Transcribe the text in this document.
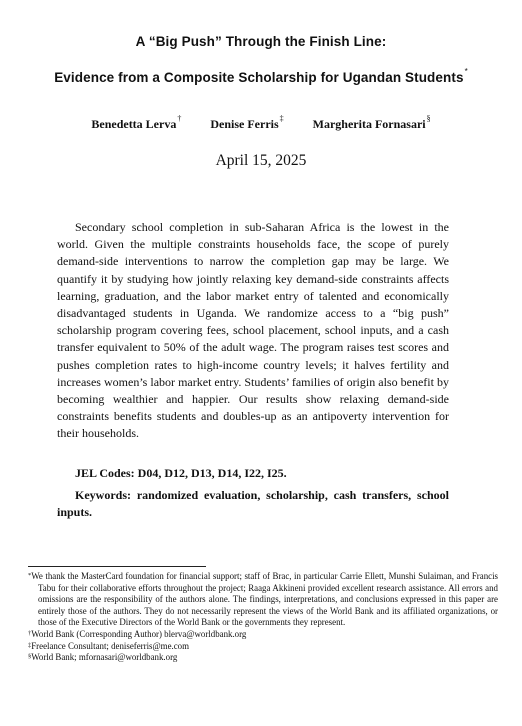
A “Big Push” Through the Finish Line:
Evidence from a Composite Scholarship for Ugandan Students*
Benedetta Lerva† Denise Ferris‡ Margherita Fornasari§
April 15, 2025

Secondary school completion in sub-Saharan Africa is the lowest in the world. Given the multiple constraints households face, the scope of purely demand-side interventions to narrow the completion gap may be large. We quantify it by studying how jointly relaxing key demand-side constraints affects learning, graduation, and the labor market entry of talented and economically disadvantaged students in Uganda. We randomize access to a “big push” scholarship program covering fees, school placement, school inputs, and a cash transfer equivalent to 50% of the adult wage. The program raises test scores and pushes completion rates to high-income country levels; it halves fertility and increases women’s labor market entry. Students’ families of origin also benefit by becoming wealthier and happier. Our results show relaxing demand-side constraints benefits students and doubles-up as an antipoverty intervention for their households.

JEL Codes: D04, D12, D13, D14, I22, I25.

Keywords: randomized evaluation, scholarship, cash transfers, school inputs.

*We thank the MasterCard foundation for financial support; staff of Brac, in particular Carrie Ellett, Munshi Sulaiman, and Francis Tabu for their collaborative efforts throughout the project; Raaga Akkineni provided excellent research assistance. All errors and omissions are the responsibility of the authors alone. The findings, interpretations, and conclusions expressed in this paper are entirely those of the authors. They do not necessarily represent the views of the World Bank and its affiliated organizations, or those of the Executive Directors of the World Bank or the governments they represent.

†World Bank (Corresponding Author) blerva@worldbank.org

‡Freelance Consultant; deniseferris@me.com

§World Bank; mfornasari@worldbank.org
